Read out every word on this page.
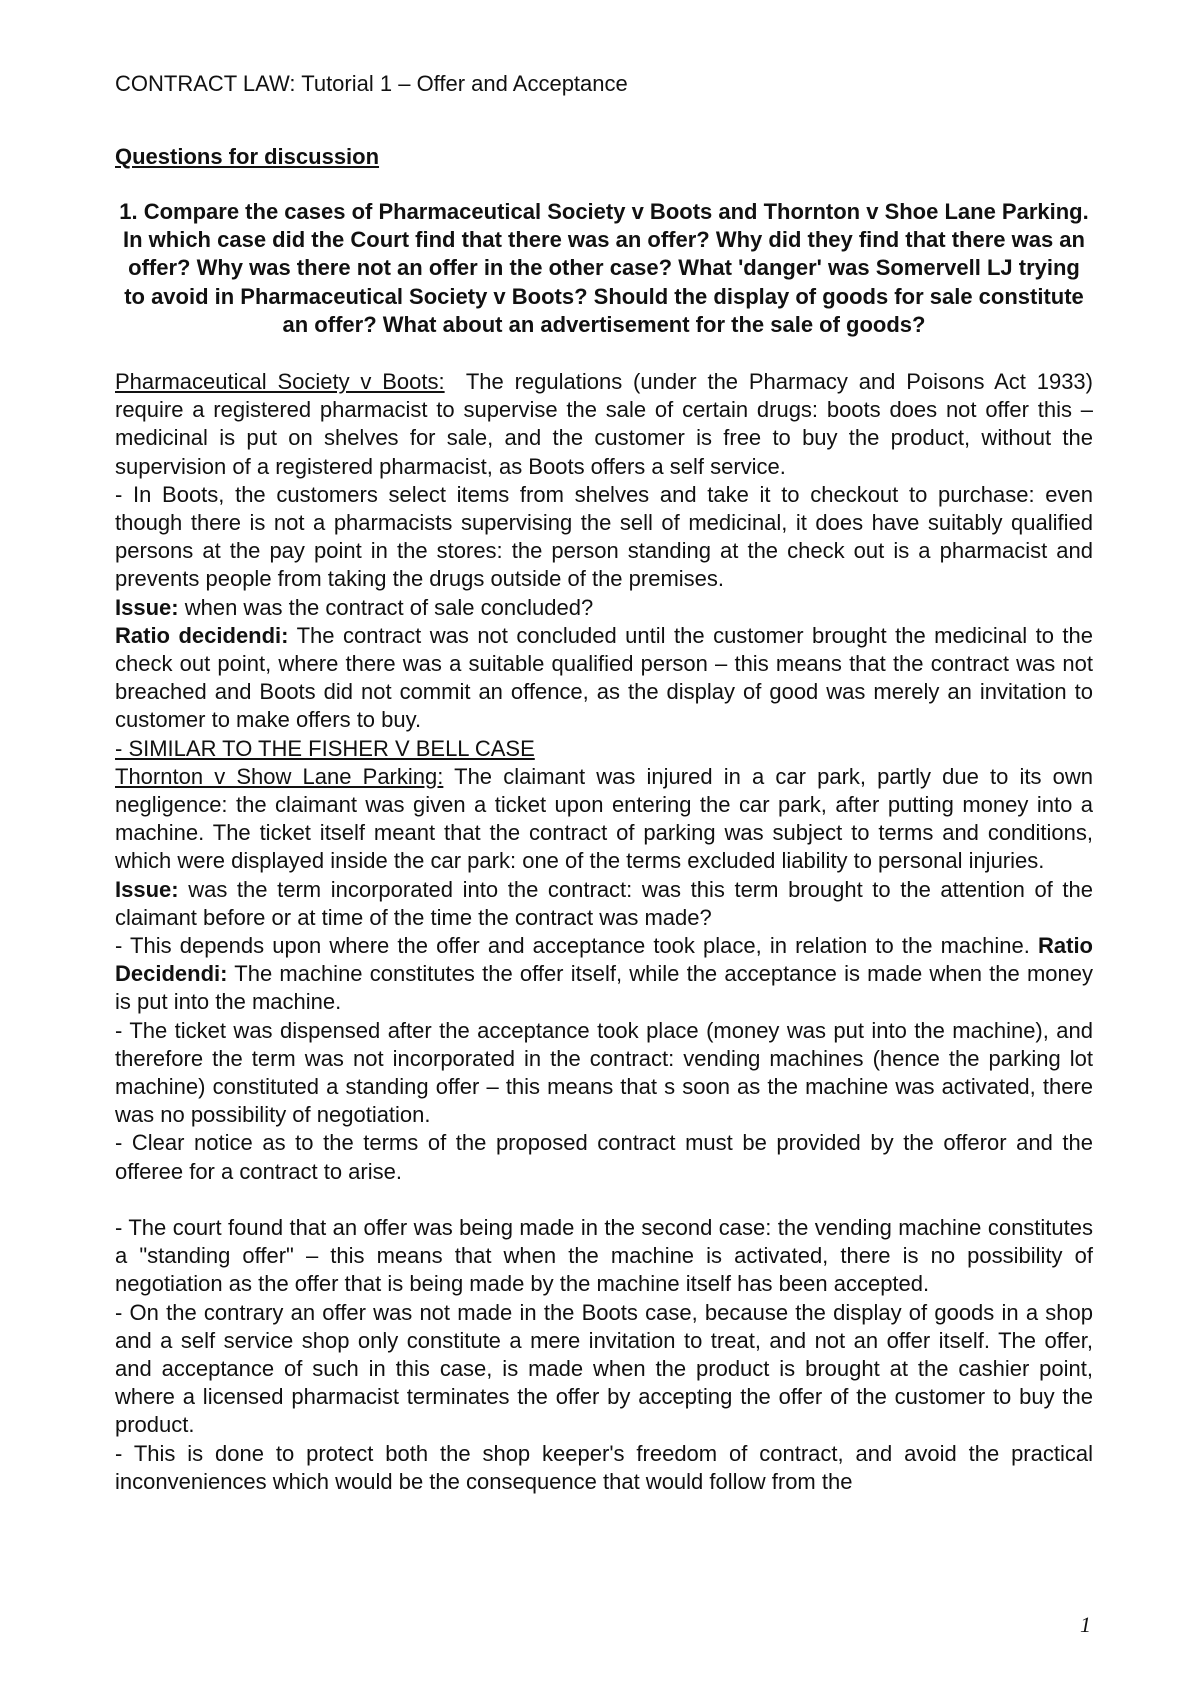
CONTRACT LAW: Tutorial 1 – Offer and Acceptance
Questions for discussion
1. Compare the cases of Pharmaceutical Society v Boots and Thornton v Shoe Lane Parking. In which case did the Court find that there was an offer? Why did they find that there was an offer? Why was there not an offer in the other case? What 'danger' was Somervell LJ trying to avoid in Pharmaceutical Society v Boots? Should the display of goods for sale constitute an offer? What about an advertisement for the sale of goods?

Pharmaceutical Society v Boots: The regulations (under the Pharmacy and Poisons Act 1933) require a registered pharmacist to supervise the sale of certain drugs: boots does not offer this – medicinal is put on shelves for sale, and the customer is free to buy the product, without the supervision of a registered pharmacist, as Boots offers a self service.

- In Boots, the customers select items from shelves and take it to checkout to purchase: even though there is not a pharmacists supervising the sell of medicinal, it does have suitably qualified persons at the pay point in the stores: the person standing at the check out is a pharmacist and prevents people from taking the drugs outside of the premises.

Issue: when was the contract of sale concluded?

Ratio decidendi: The contract was not concluded until the customer brought the medicinal to the check out point, where there was a suitable qualified person – this means that the contract was not breached and Boots did not commit an offence, as the display of good was merely an invitation to customer to make offers to buy.

- SIMILAR TO THE FISHER V BELL CASE

Thornton v Show Lane Parking: The claimant was injured in a car park, partly due to its own negligence: the claimant was given a ticket upon entering the car park, after putting money into a machine. The ticket itself meant that the contract of parking was subject to terms and conditions, which were displayed inside the car park: one of the terms excluded liability to personal injuries.

Issue: was the term incorporated into the contract: was this term brought to the attention of the claimant before or at time of the time the contract was made?

- This depends upon where the offer and acceptance took place, in relation to the machine. Ratio Decidendi: The machine constitutes the offer itself, while the acceptance is made when the money is put into the machine.

- The ticket was dispensed after the acceptance took place (money was put into the machine), and therefore the term was not incorporated in the contract: vending machines (hence the parking lot machine) constituted a standing offer – this means that s soon as the machine was activated, there was no possibility of negotiation.

- Clear notice as to the terms of the proposed contract must be provided by the offeror and the offeree for a contract to arise.

- The court found that an offer was being made in the second case: the vending machine constitutes a "standing offer" – this means that when the machine is activated, there is no possibility of negotiation as the offer that is being made by the machine itself has been accepted.

- On the contrary an offer was not made in the Boots case, because the display of goods in a shop and a self service shop only constitute a mere invitation to treat, and not an offer itself. The offer, and acceptance of such in this case, is made when the product is brought at the cashier point, where a licensed pharmacist terminates the offer by accepting the offer of the customer to buy the product.

- This is done to protect both the shop keeper's freedom of contract, and avoid the practical inconveniences which would be the consequence that would follow from the

1
